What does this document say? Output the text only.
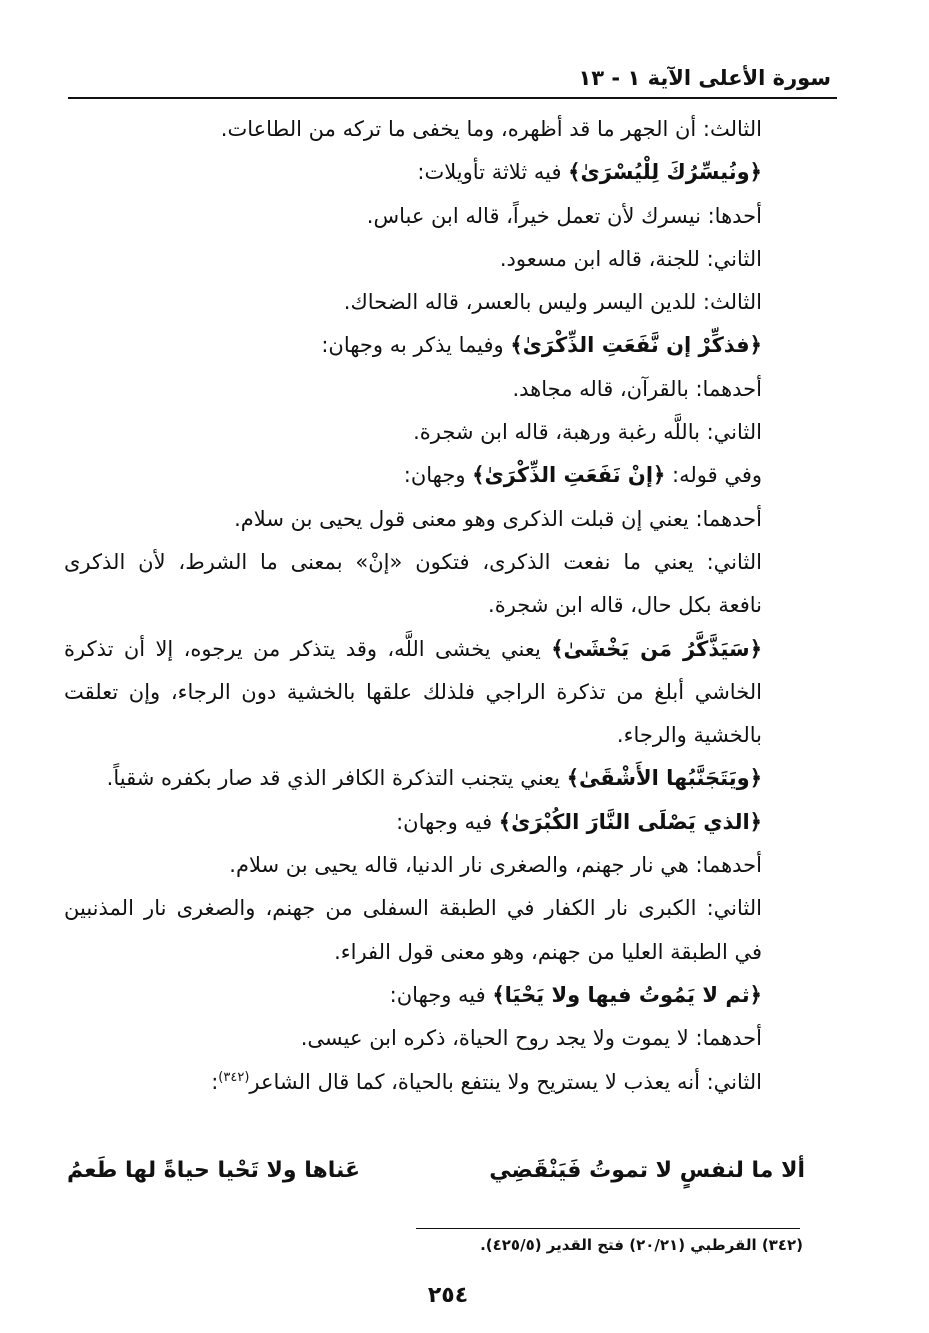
سورة الأعلى الآية ١ - ١٣
الثالث: أن الجهر ما قد أظهره، وما يخفى ما تركه من الطاعات.
﴿ونُيسِّرُكَ لِلْيُسْرَىٰ﴾ فيه ثلاثة تأويلات:
أحدها: نيسرك لأن تعمل خيراً، قاله ابن عباس.
الثاني: للجنة، قاله ابن مسعود.
الثالث: للدين اليسر وليس بالعسر، قاله الضحاك.
﴿فذكِّرْ إن نَّفَعَتِ الذِّكْرَىٰ﴾ وفيما يذكر به وجهان:
أحدهما: بالقرآن، قاله مجاهد.
الثاني: باللَّه رغبة ورهبة، قاله ابن شجرة.
وفي قوله: ﴿إنْ نَفَعَتِ الذِّكْرَىٰ﴾ وجهان:
أحدهما: يعني إن قبلت الذكرى وهو معنى قول يحيى بن سلام.
الثاني: يعني ما نفعت الذكرى، فتكون «إنْ» بمعنى ما الشرط، لأن الذكرى
نافعة بكل حال، قاله ابن شجرة.
﴿سَيَذَّكَّرُ مَن يَخْشَىٰ﴾ يعني يخشى اللَّه، وقد يتذكر من يرجوه، إلا أن تذكرة
الخاشي أبلغ من تذكرة الراجي فلذلك علقها بالخشية دون الرجاء، وإن تعلقت
بالخشية والرجاء.
﴿ويَتَجَنَّبُها الأَشْقَىٰ﴾ يعني يتجنب التذكرة الكافر الذي قد صار بكفره شقياً.
﴿الذي يَصْلَى النَّارَ الكُبْرَىٰ﴾ فيه وجهان:
أحدهما: هي نار جهنم، والصغرى نار الدنيا، قاله يحيى بن سلام.
الثاني: الكبرى نار الكفار في الطبقة السفلى من جهنم، والصغرى نار المذنبين
في الطبقة العليا من جهنم، وهو معنى قول الفراء.
﴿ثم لا يَمُوتُ فيها ولا يَحْيَا﴾ فيه وجهان:
أحدهما: لا يموت ولا يجد روح الحياة، ذكره ابن عيسى.
الثاني: أنه يعذب لا يستريح ولا ينتفع بالحياة، كما قال الشاعر$^{(٣٤٢)}$:
ألا ما لنفسٍ لا تموتُ فَيَنْقَضِي
عَناها ولا تَحْيا حياةً لها طَعمُ
(٣٤٢) القرطبي (٢٠/٢١) فتح القدير (٤٢٥/٥).
٢٥٤
